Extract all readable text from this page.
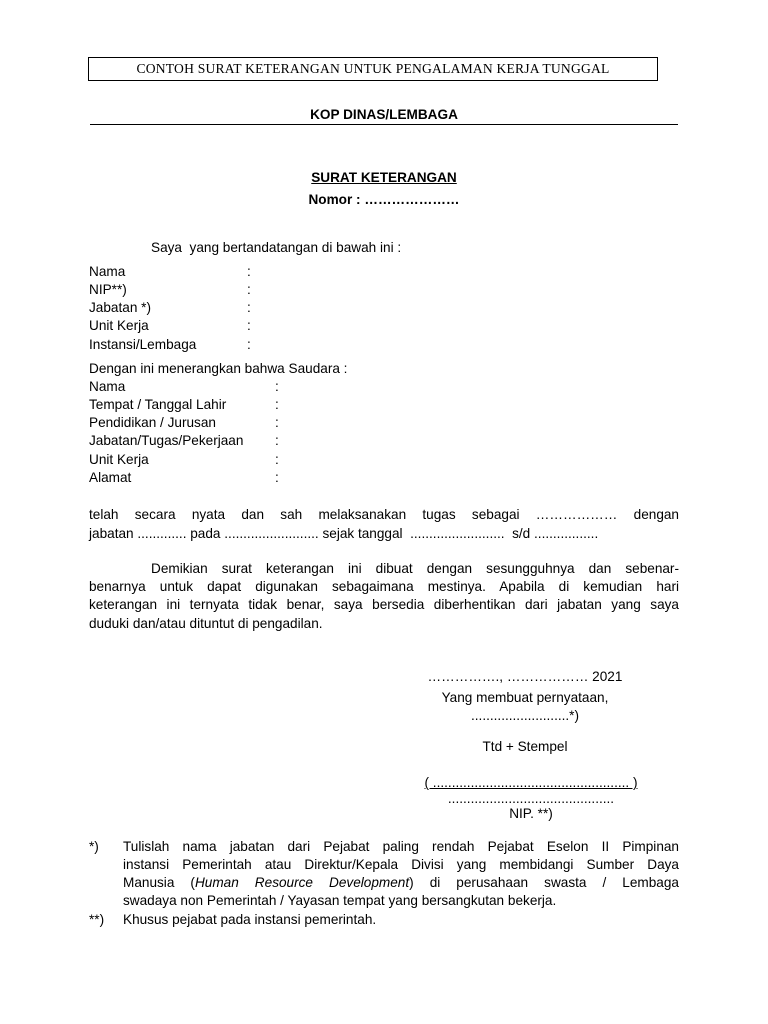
CONTOH SURAT KETERANGAN UNTUK PENGALAMAN KERJA TUNGGAL
KOP DINAS/LEMBAGA
SURAT KETERANGAN
Nomor : …………………
Saya  yang bertandatangan di bawah ini :
Nama	:
NIP**)	:
Jabatan *)	:
Unit Kerja	:
Instansi/Lembaga	:
Dengan ini menerangkan bahwa Saudara :
Nama	:
Tempat / Tanggal Lahir	:
Pendidikan / Jurusan	:
Jabatan/Tugas/Pekerjaan :
Unit Kerja	:
Alamat	:
telah secara nyata dan sah melaksanakan tugas sebagai ……………… dengan
jabatan ............. pada ......................... sejak tanggal  .........................  s/d .................
Demikian surat keterangan ini dibuat dengan sesungguhnya dan sebenar-
benarnya untuk dapat digunakan sebagaimana mestinya. Apabila di kemudian hari
keterangan ini ternyata tidak benar, saya bersedia diberhentikan dari jabatan yang saya
duduki dan/atau dituntut di pengadilan.
……………., ……………… 2021
Yang membuat pernyataan,
..........................*)
Ttd + Stempel
( .................................................... )
............................................
NIP. **)
*) Tulislah nama jabatan dari Pejabat paling rendah Pejabat Eselon II Pimpinan
instansi Pemerintah atau Direktur/Kepala Divisi yang membidangi Sumber Daya
Manusia (Human Resource Development) di perusahaan swasta / Lembaga
swadaya non Pemerintah / Yayasan tempat yang bersangkutan bekerja.
**) Khusus pejabat pada instansi pemerintah.
